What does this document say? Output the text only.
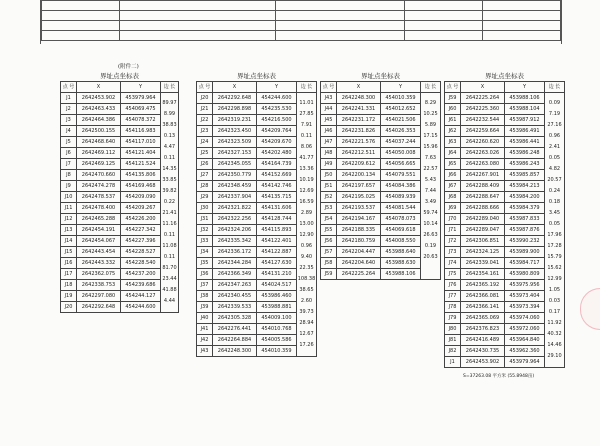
(附件二)
界址点坐标表
点 号	X	Y	边 长
J1	2642453.902	453979.964	89.97
J2	2642463.433	454069.475	8.99
J3	2642464.386	454078.372	38.83
J4	2642500.155	454116.983	0.13
J5	2642468.640	454117.010	4.47
J6	2642469.112	454121.404	0.11
J7	2642469.125	454121.524	14.35
J8	2642470.660	454135.806	33.85
J9	2642474.278	454169.468	39.82
J10	2642478.537	454209.090	0.22
J11	2642478.400	454209.267	21.41
J12	2642465.288	454226.200	11.16
J13	2642454.191	454227.342	0.11
J14	2642454.067	454227.396	11.08
J15	2642443.454	454228.527	0.11
J16	2642443.332	454228.540	81.70
J17	2642362.075	454237.200	23.44
J18	2642338.753	454239.686	41.88
J19	2642297.080	454244.127	4.44
J20	2642292.648	454244.600	
界址点坐标表
点 号	X	Y	边 长
J20	2642292.648	454244.600	11.01
J21	2642298.898	454235.530	27.85
J22	2642319.231	454216.500	7.91
J23	2642323.450	454209.764	0.11
J24	2642323.509	454209.670	8.06
J25	2642327.153	454202.480	41.77
J26	2642345.055	454164.739	13.36
J27	2642350.779	454152.669	10.19
J28	2642348.459	454142.746	12.69
J29	2642337.904	454135.715	16.59
J30	2642321.822	454131.606	2.89
J31	2642322.256	454128.744	13.00
J32	2642324.206	454115.893	12.90
J33	2642335.342	454122.401	0.96
J34	2642336.172	454122.887	9.40
J35	2642344.284	454127.630	22.35
J36	2642366.349	454131.210	108.38
J37	2642347.263	454024.517	38.65
J38	2642340.455	453986.460	2.60
J39	2642339.533	453988.881	39.73
J40	2642305.328	454009.100	28.94
J41	2642276.441	454010.768	12.67
J42	2642264.884	454005.586	17.26
J43	2642248.300	454010.359	
界址点坐标表
点 号	X	Y	边 长
J43	2642248.300	454010.359	8.29
J44	2642241.331	454012.652	10.25
J45	2642231.172	454021.506	5.89
J46	2642231.826	454026.353	17.15
J47	2642221.576	454037.244	15.96
J48	2642212.511	454050.008	7.63
J49	2642209.612	454056.665	22.57
J50	2642200.134	454079.551	5.43
J51	2642197.657	454084.386	7.44
J52	2642195.025	454089.939	3.49
J53	2642193.537	454081.544	59.74
J54	2642194.167	454078.073	10.14
J55	2642188.335	454069.618	26.63
J56	2642180.759	454008.550	0.19
J57	2642204.447	453988.640	20.63
J58	2642204.640	453988.630	
J59	2642225.264	453988.106	
界址点坐标表
点 号	X	Y	边 长
J59	2642225.264	453988.106	0.09
J60	2642225.360	453988.104	7.19
J61	2642232.544	453987.912	27.16
J62	2642259.664	453986.491	0.96
J63	2642260.620	453986.441	2.41
J64	2642263.026	453986.248	0.05
J65	2642263.080	453986.243	4.82
J66	2642267.901	453985.857	20.57
J67	2642288.409	453984.213	0.24
J68	2642288.647	453984.200	0.18
J69	2642288.666	453984.379	3.45
J70	2642289.040	453987.833	0.05
J71	2642289.047	453987.876	17.96
J72	2642306.851	453990.232	17.28
J73	2642324.125	453989.900	15.79
J74	2642339.041	453984.717	15.62
J75	2642354.161	453980.809	12.99
J76	2642365.192	453975.956	1.05
J77	2642366.081	453973.404	0.03
J78	2642366.141	453973.394	0.17
J79	2642365.069	453974.060	11.92
J80	2642376.823	453972.060	40.32
J81	2642416.489	453964.840	14.46
J82	2642430.735	453962.360	29.10
J1	2642453.902	453979.964	
S=37263.08 平方米 (55.8948亩)
